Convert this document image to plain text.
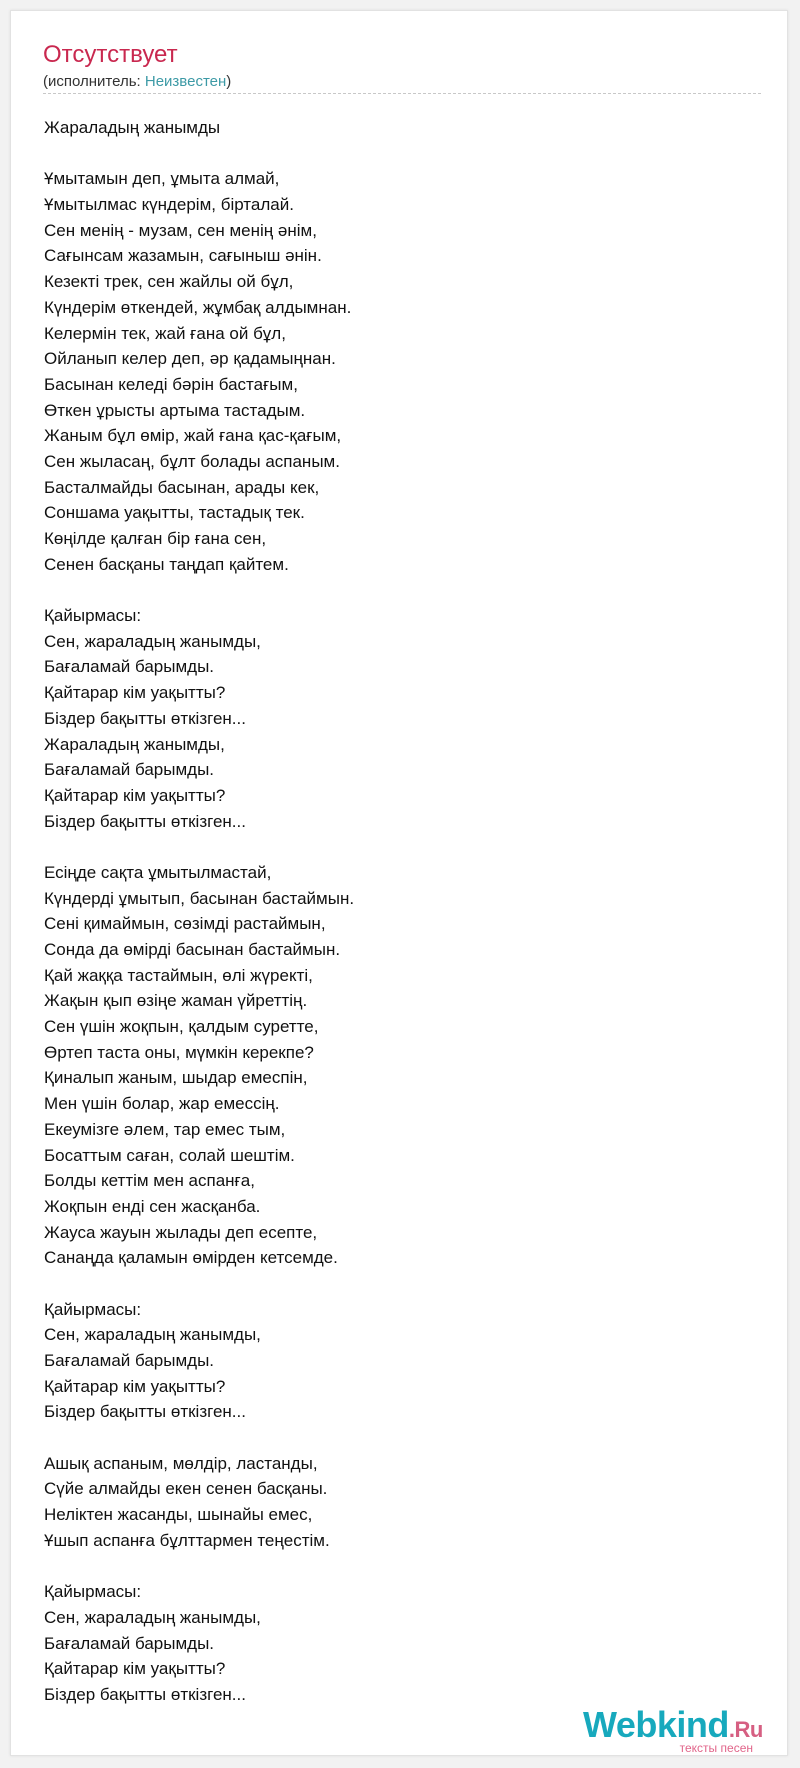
Отсутствует
(исполнитель: Неизвестен)
Жараладың жанымды
Ұмытамын деп, ұмыта алмай,
Ұмытылмас күндерім, бірталай.
Сен менің - музам, сен менің әнім,
Сағынсам жазамын, сағыныш әнін.
Кезекті трек, сен жайлы ой бұл,
Күндерім өткендей, жұмбақ алдымнан.
Келермін тек, жай ғана ой бұл,
Ойланып келер деп, әр қадамыңнан.
Басынан келеді бәрін бастағым,
Өткен ұрысты артыма тастадым.
Жаным бұл өмір, жай ғана қас-қағым,
Сен жыласаң, бұлт болады аспаным.
Басталмайды басынан, арады кек,
Соншама уақытты, тастадық тек.
Көңілде қалған бір ғана сен,
Сенен басқаны таңдап қайтем.
Қайырмасы:
Сен, жараладың жанымды,
Бағаламай барымды.
Қайтарар кім уақытты?
Біздер бақытты өткізген...
Жараладың жанымды,
Бағаламай барымды.
Қайтарар кім уақытты?
Біздер бақытты өткізген...
Есіңде сақта ұмытылмастай,
Күндерді ұмытып, басынан бастаймын.
Сені қимаймын, сөзімді растаймын,
Сонда да өмірді басынан бастаймын.
Қай жаққа тастаймын, өлі жүректі,
Жақын қып өзіңе жаман үйреттің.
Сен үшін жоқпын, қалдым суретте,
Өртеп таста оны, мүмкін керекпе?
Қиналып жаным, шыдар емеспін,
Мен үшін болар, жар емессің.
Екеумізге әлем, тар емес тым,
Босаттым саған, солай шештім.
Болды кеттім мен аспанға,
Жоқпын енді сен жасқанба.
Жауса жауын жылады деп есепте,
Санаңда қаламын өмірден кетсемде.
Қайырмасы:
Сен, жараладың жанымды,
Бағаламай барымды.
Қайтарар кім уақытты?
Біздер бақытты өткізген...
Ашық аспаным, мөлдір, ластанды,
Сүйе алмайды екен сенен басқаны.
Неліктен жасанды, шынайы емес,
Ұшып аспанға бұлттармен теңестім.
Қайырмасы:
Сен, жараладың жанымды,
Бағаламай барымды.
Қайтарар кім уақытты?
Біздер бақытты өткізген...
Webkind.Ru
тексты песен
